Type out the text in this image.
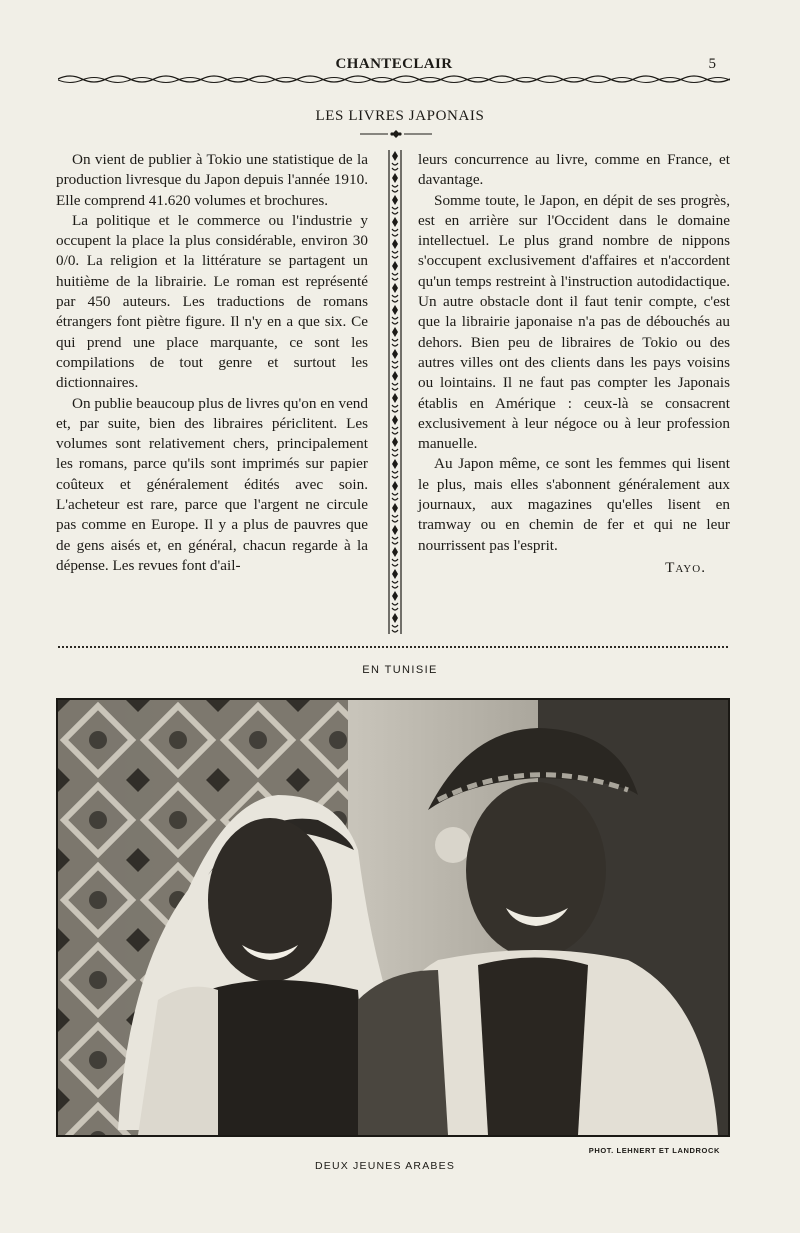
CHANTECLAIR	5
LES LIVRES JAPONAIS

On vient de publier à Tokio une statistique de la production livresque du Japon depuis l'année 1910. Elle comprend 41.620 volumes et brochures.

La politique et le commerce ou l'industrie y occupent la place la plus considérable, environ 30 0/0. La religion et la littérature se partagent un huitième de la librairie. Le roman est représenté par 450 auteurs. Les traductions de romans étrangers font piètre figure. Il n'y en a que six. Ce qui prend une place marquante, ce sont les compilations de tout genre et surtout les dictionnaires.

On publie beaucoup plus de livres qu'on en vend et, par suite, bien des libraires périclitent. Les volumes sont relativement chers, principalement les romans, parce qu'ils sont imprimés sur papier coûteux et généralement édités avec soin. L'acheteur est rare, parce que l'argent ne circule pas comme en Europe. Il y a plus de pauvres que de gens aisés et, en général, chacun regarde à la dépense. Les revues font d'ail-

leurs concurrence au livre, comme en France, et davantage.

Somme toute, le Japon, en dépit de ses progrès, est en arrière sur l'Occident dans le domaine intellectuel. Le plus grand nombre de nippons s'occupent exclusivement d'affaires et n'accordent qu'un temps restreint à l'instruction autodidactique. Un autre obstacle dont il faut tenir compte, c'est que la librairie japonaise n'a pas de débouchés au dehors. Bien peu de libraires de Tokio ou des autres villes ont des clients dans les pays voisins ou lointains. Il ne faut pas compter les Japonais établis en Amérique : ceux-là se consacrent exclusivement à leur négoce ou à leur profession manuelle.

Au Japon même, ce sont les femmes qui lisent le plus, mais elles s'abonnent généralement aux journaux, aux magazines qu'elles lisent en tramway ou en chemin de fer et qui ne leur nourrissent pas l'esprit.

Tayo.
EN TUNISIE
PHOT. LEHNERT ET LANDROCK
DEUX JEUNES ARABES
